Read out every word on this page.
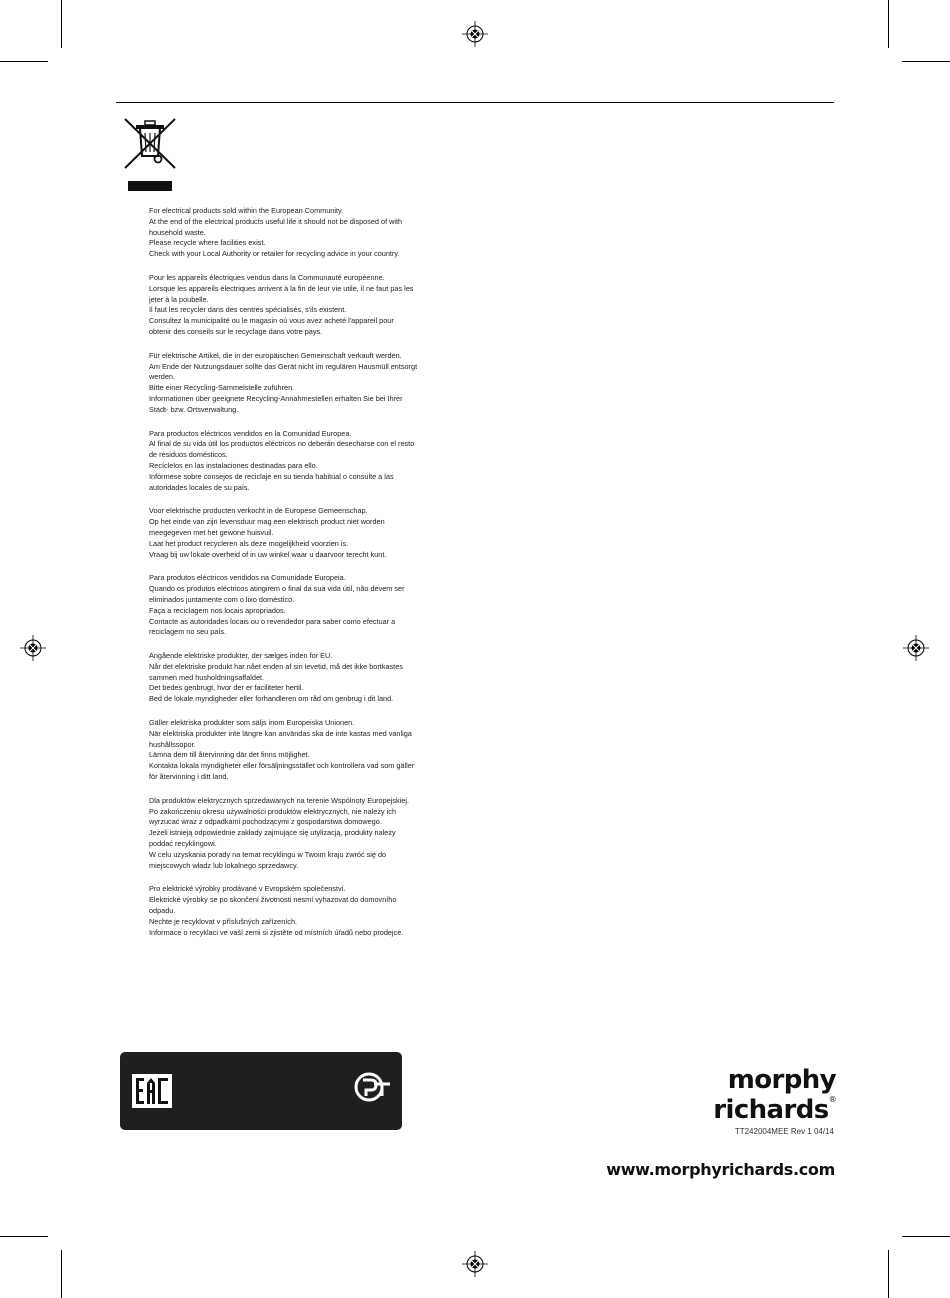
For electrical products sold within the European Community.
At the end of the electrical products useful life it should not be disposed of with
household waste.
Please recycle where facilities exist.
Check with your Local Authority or retailer for recycling advice in your country.
Pour les appareils électriques vendus dans la Communauté européenne.
Lorsque les appareils électriques arrivent à la fin de leur vie utile, il ne faut pas les
jeter à la poubelle.
Il faut les recycler dans des centres spécialisés, s'ils existent.
Consultez la municipalité ou le magasin où vous avez acheté l'appareil pour
obtenir des conseils sur le recyclage dans votre pays.
Für elektrische Artikel, die in der europäischen Gemeinschaft verkauft werden.
Am Ende der Nutzungsdauer sollte das Gerät nicht im regulären Hausmüll entsorgt
werden.
Bitte einer Recycling-Sammelstelle zuführen.
Informationen über geeignete Recycling-Annahmestellen erhalten Sie bei Ihrer
Stadt- bzw. Ortsverwaltung.
Para productos eléctricos vendidos en la Comunidad Europea.
Al final de su vida útil los productos eléctricos no deberán desecharse con el resto
de residuos domésticos.
Recíclelos en las instalaciones destinadas para ello.
Infórmese sobre consejos de reciclaje en su tienda habitual o consulte a las
autoridades locales de su país.
Voor elektrische producten verkocht in de Europese Gemeenschap.
Op het einde van zijn levensduur mag een elektrisch product niet worden
meegegeven met het gewone huisvuil.
Laat het product recycleren als deze mogelijkheid voorzien is.
Vraag bij uw lokale overheid of in uw winkel waar u daarvoor terecht kunt.
Para produtos eléctricos vendidos na Comunidade Europeia.
Quando os produtos eléctricos atingirem o final da sua vida útil, não devem ser
eliminados juntamente com o lixo doméstico.
Faça a reciclagem nos locais apropriados.
Contacte as autoridades locais ou o revendedor para saber como efectuar a
reciclagem no seu país.
Angående elektriske produkter, der sælges inden for EU.
Når det elektriske produkt har nået enden af sin levetid, må det ikke bortkastes
sammen med husholdningsaffaldet.
Det bedes genbrugt, hvor der er faciliteter hertil.
Bed de lokale myndigheder eller forhandleren om råd om genbrug i dit land.
Gäller elektriska produkter som säljs inom Europeiska Unionen.
När elektriska produkter inte längre kan användas ska de inte kastas med vanliga
hushållssopor.
Lämna dem till återvinning där det finns möjlighet.
Kontakta lokala myndigheter eller försäljningsstället och kontrollera vad som gäller
för återvinning i ditt land.
Dla produktów elektrycznych sprzedawanych na terenie Wspólnoty Europejskiej.
Po zakończeniu okresu używalności produktów elektrycznych, nie należy ich
wyrzucać wraz z odpadkami pochodzącymi z gospodarstwa domowego.
Jeżeli istnieją odpowiednie zakłady zajmujące się utylizacją, produkty należy
poddać recyklingowi.
W celu uzyskania porady na temat recyklingu w Twoim kraju zwróć się do
miejscowych władz lub lokalnego sprzedawcy.
Pro elektrické výrobky prodávané v Evropském společenství.
Elektrické výrobky se po skončení životnosti nesmí vyhazovat do domovního
odpadu.
Nechte je recyklovat v příslušných zařízeních.
Informace o recyklaci ve vaší zemi si zjistěte od místních úřadů nebo prodejce.
morphy richards®
TT242004MEE Rev 1 04/14
www.morphyrichards.com
